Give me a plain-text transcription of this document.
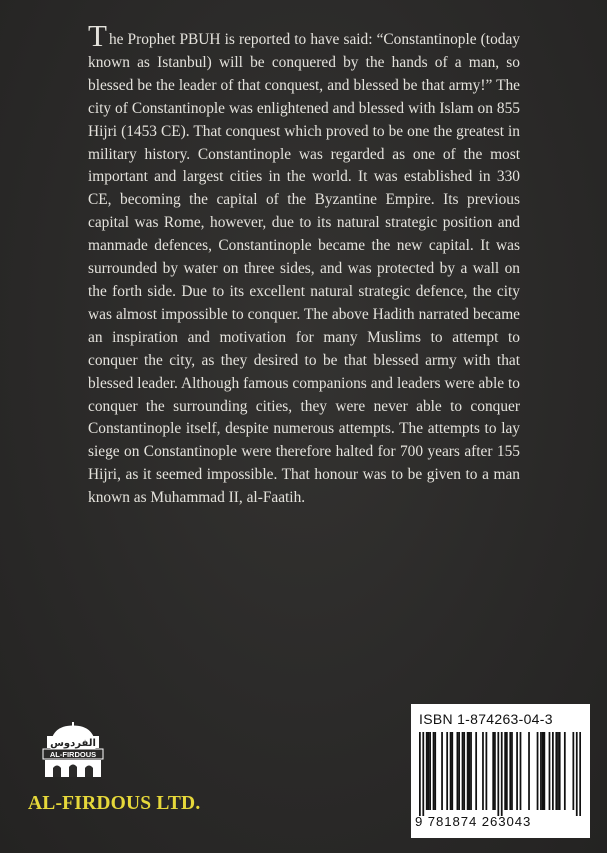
The Prophet PBUH is reported to have said: “Constantinople (today known as Istanbul) will be conquered by the hands of a man, so blessed be the leader of that conquest, and blessed be that army!” The city of Constantinople was enlightened and blessed with Islam on 855 Hijri (1453 CE). That conquest which proved to be one the greatest in military history. Constantinople was regarded as one of the most important and largest cities in the world. It was established in 330 CE, becoming the capital of the Byzantine Empire. Its previous capital was Rome, however, due to its natural strategic position and manmade defences, Constantinople became the new capital. It was surrounded by water on three sides, and was protected by a wall on the forth side. Due to its excellent natural strategic defence, the city was almost impossible to conquer. The above Hadith narrated became an inspiration and motivation for many Muslims to attempt to conquer the city, as they desired to be that blessed army with that blessed leader. Although famous companions and leaders were able to conquer the surrounding cities, they were never able to conquer Constantinople itself, despite numerous attempts. The attempts to lay siege on Constantinople were therefore halted for 700 years after 155 Hijri, as it seemed impossible. That honour was to be given to a man known as Muhammad II, al-Faatih.

الفردوس
AL-FIRDOUS

AL-FIRDOUS LTD.

ISBN 1-874263-04-3
9 781874 263043
